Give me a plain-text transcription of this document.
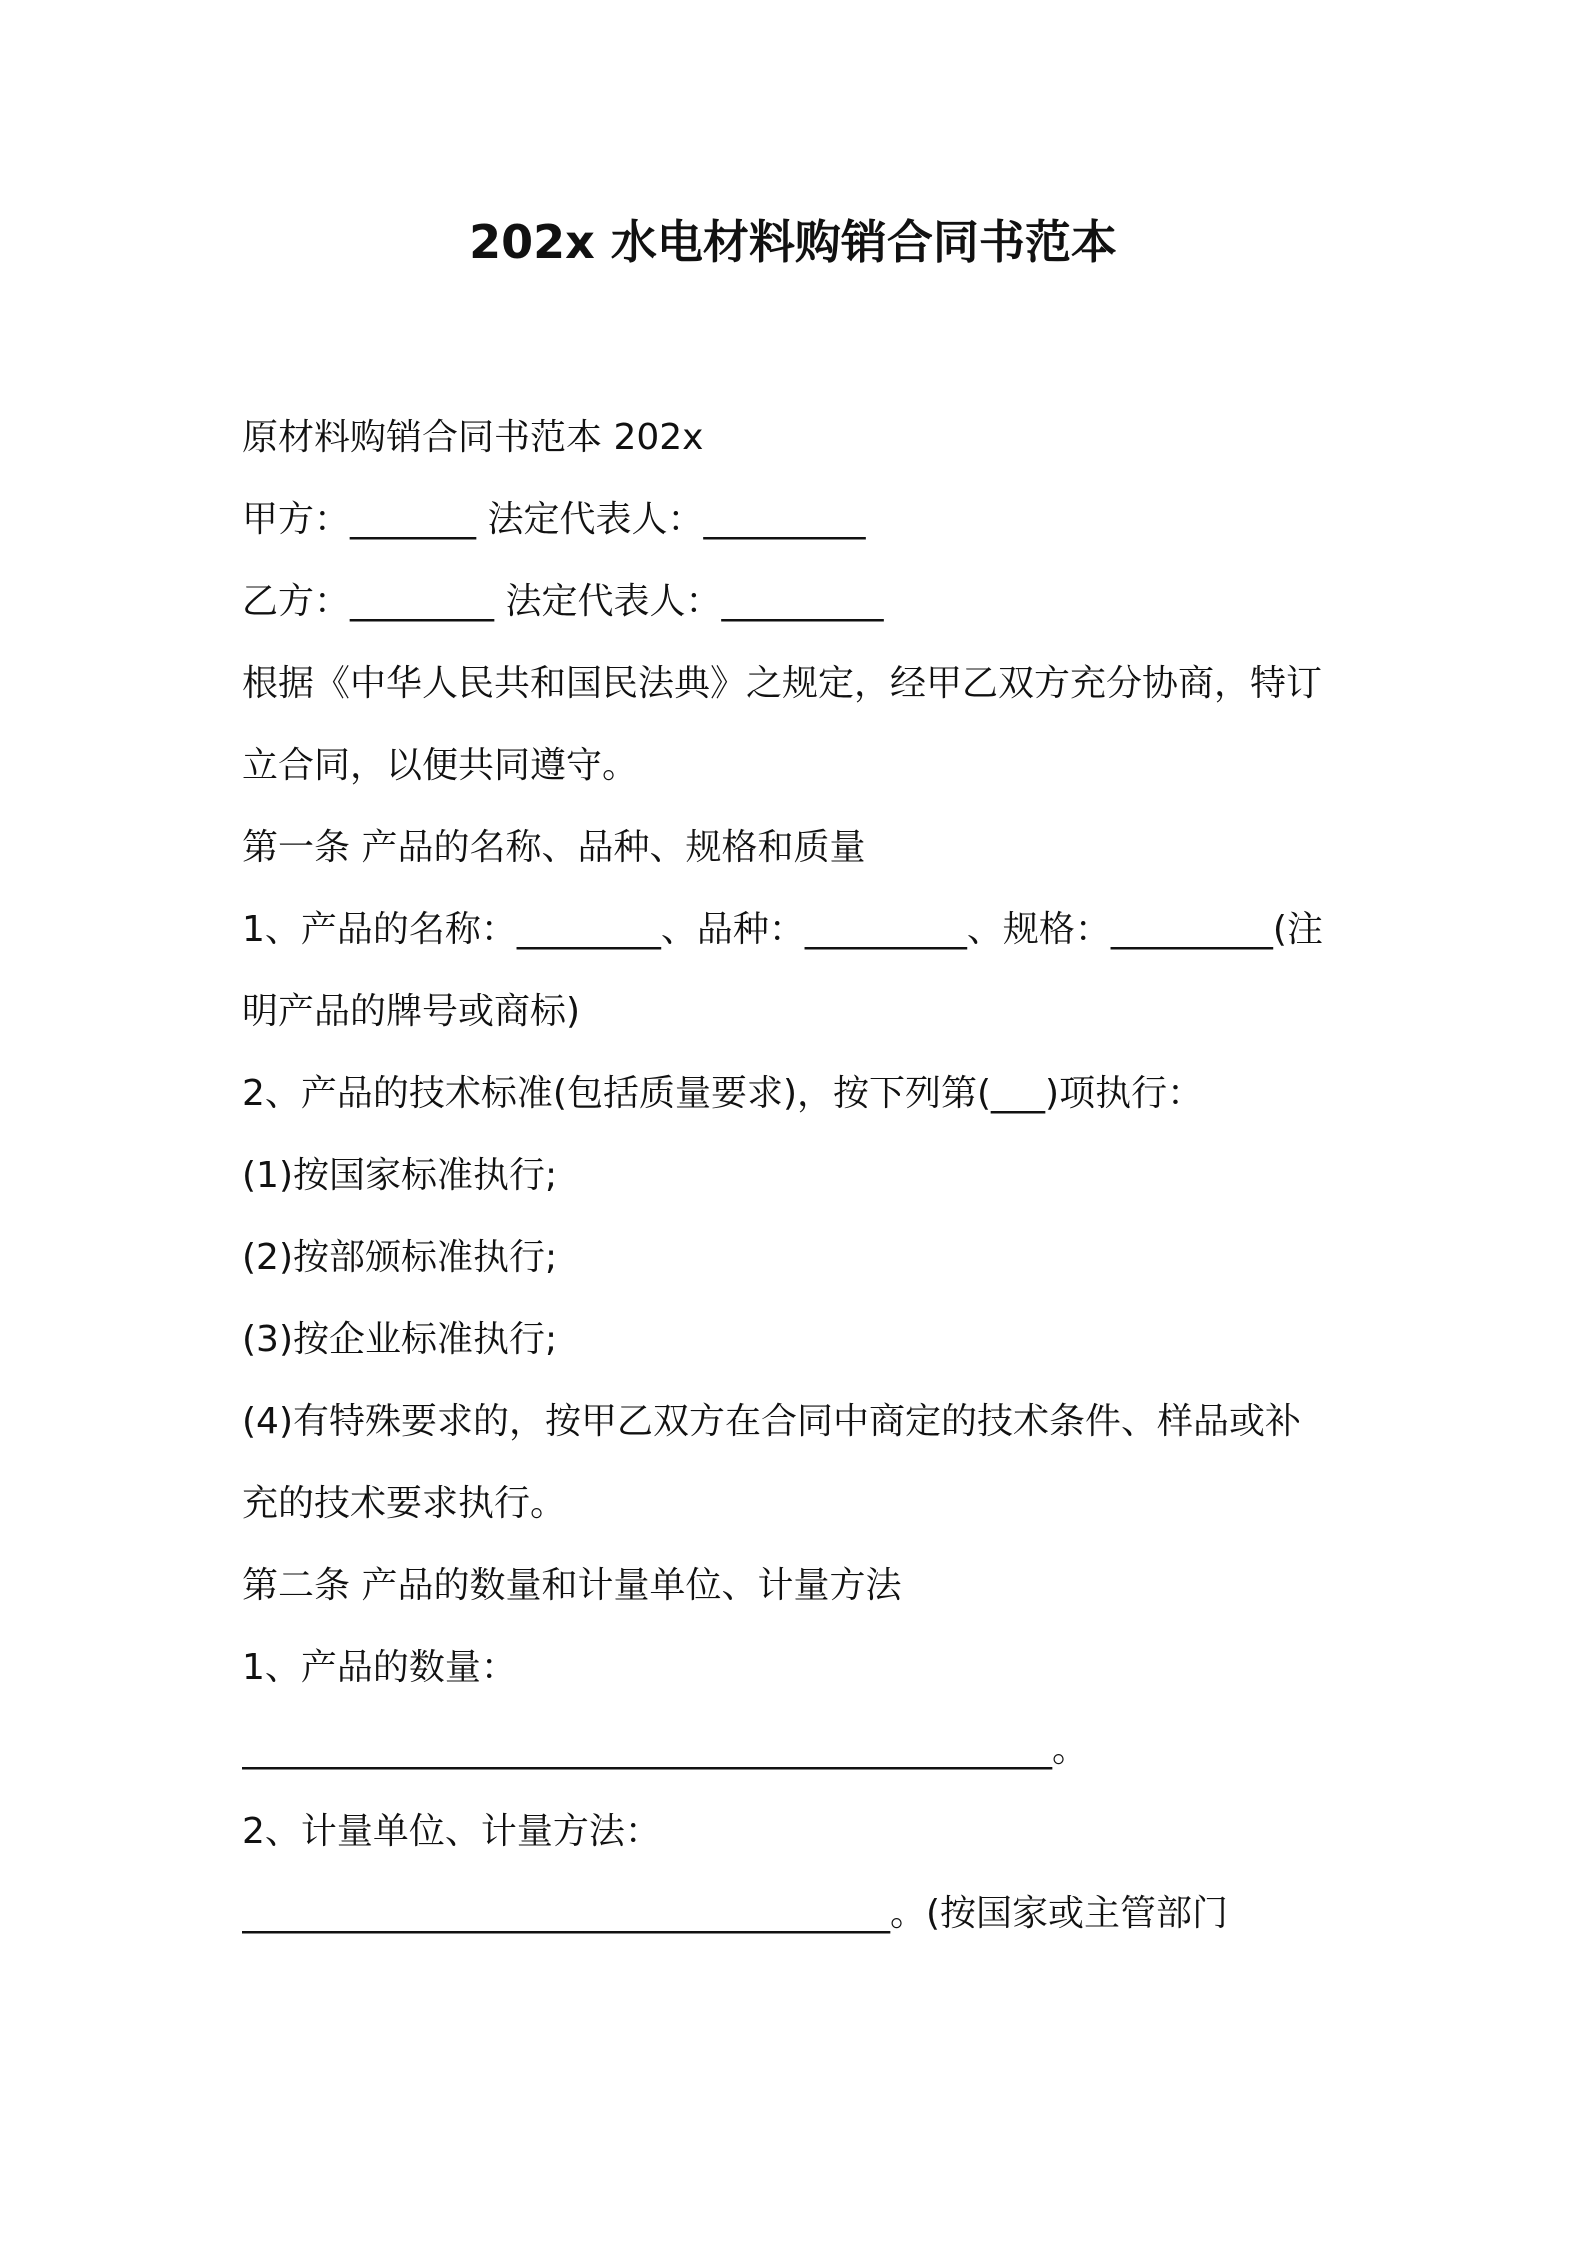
202x 水电材料购销合同书范本
原材料购销合同书范本 202x
甲方：_______ 法定代表人：_________
乙方：________ 法定代表人：_________
根据《中华人民共和国民法典》之规定，经甲乙双方充分协商，特订
立合同，以便共同遵守。
第一条 产品的名称、品种、规格和质量
1、产品的名称：________、品种：_________、规格：_________(注
明产品的牌号或商标)
2、产品的技术标准(包括质量要求)，按下列第(___)项执行：
(1)按国家标准执行;
(2)按部颁标准执行;
(3)按企业标准执行;
(4)有特殊要求的，按甲乙双方在合同中商定的技术条件、样品或补
充的技术要求执行。
第二条 产品的数量和计量单位、计量方法
1、产品的数量：
_____________________________________________。
2、计量单位、计量方法：
____________________________________。(按国家或主管部门
